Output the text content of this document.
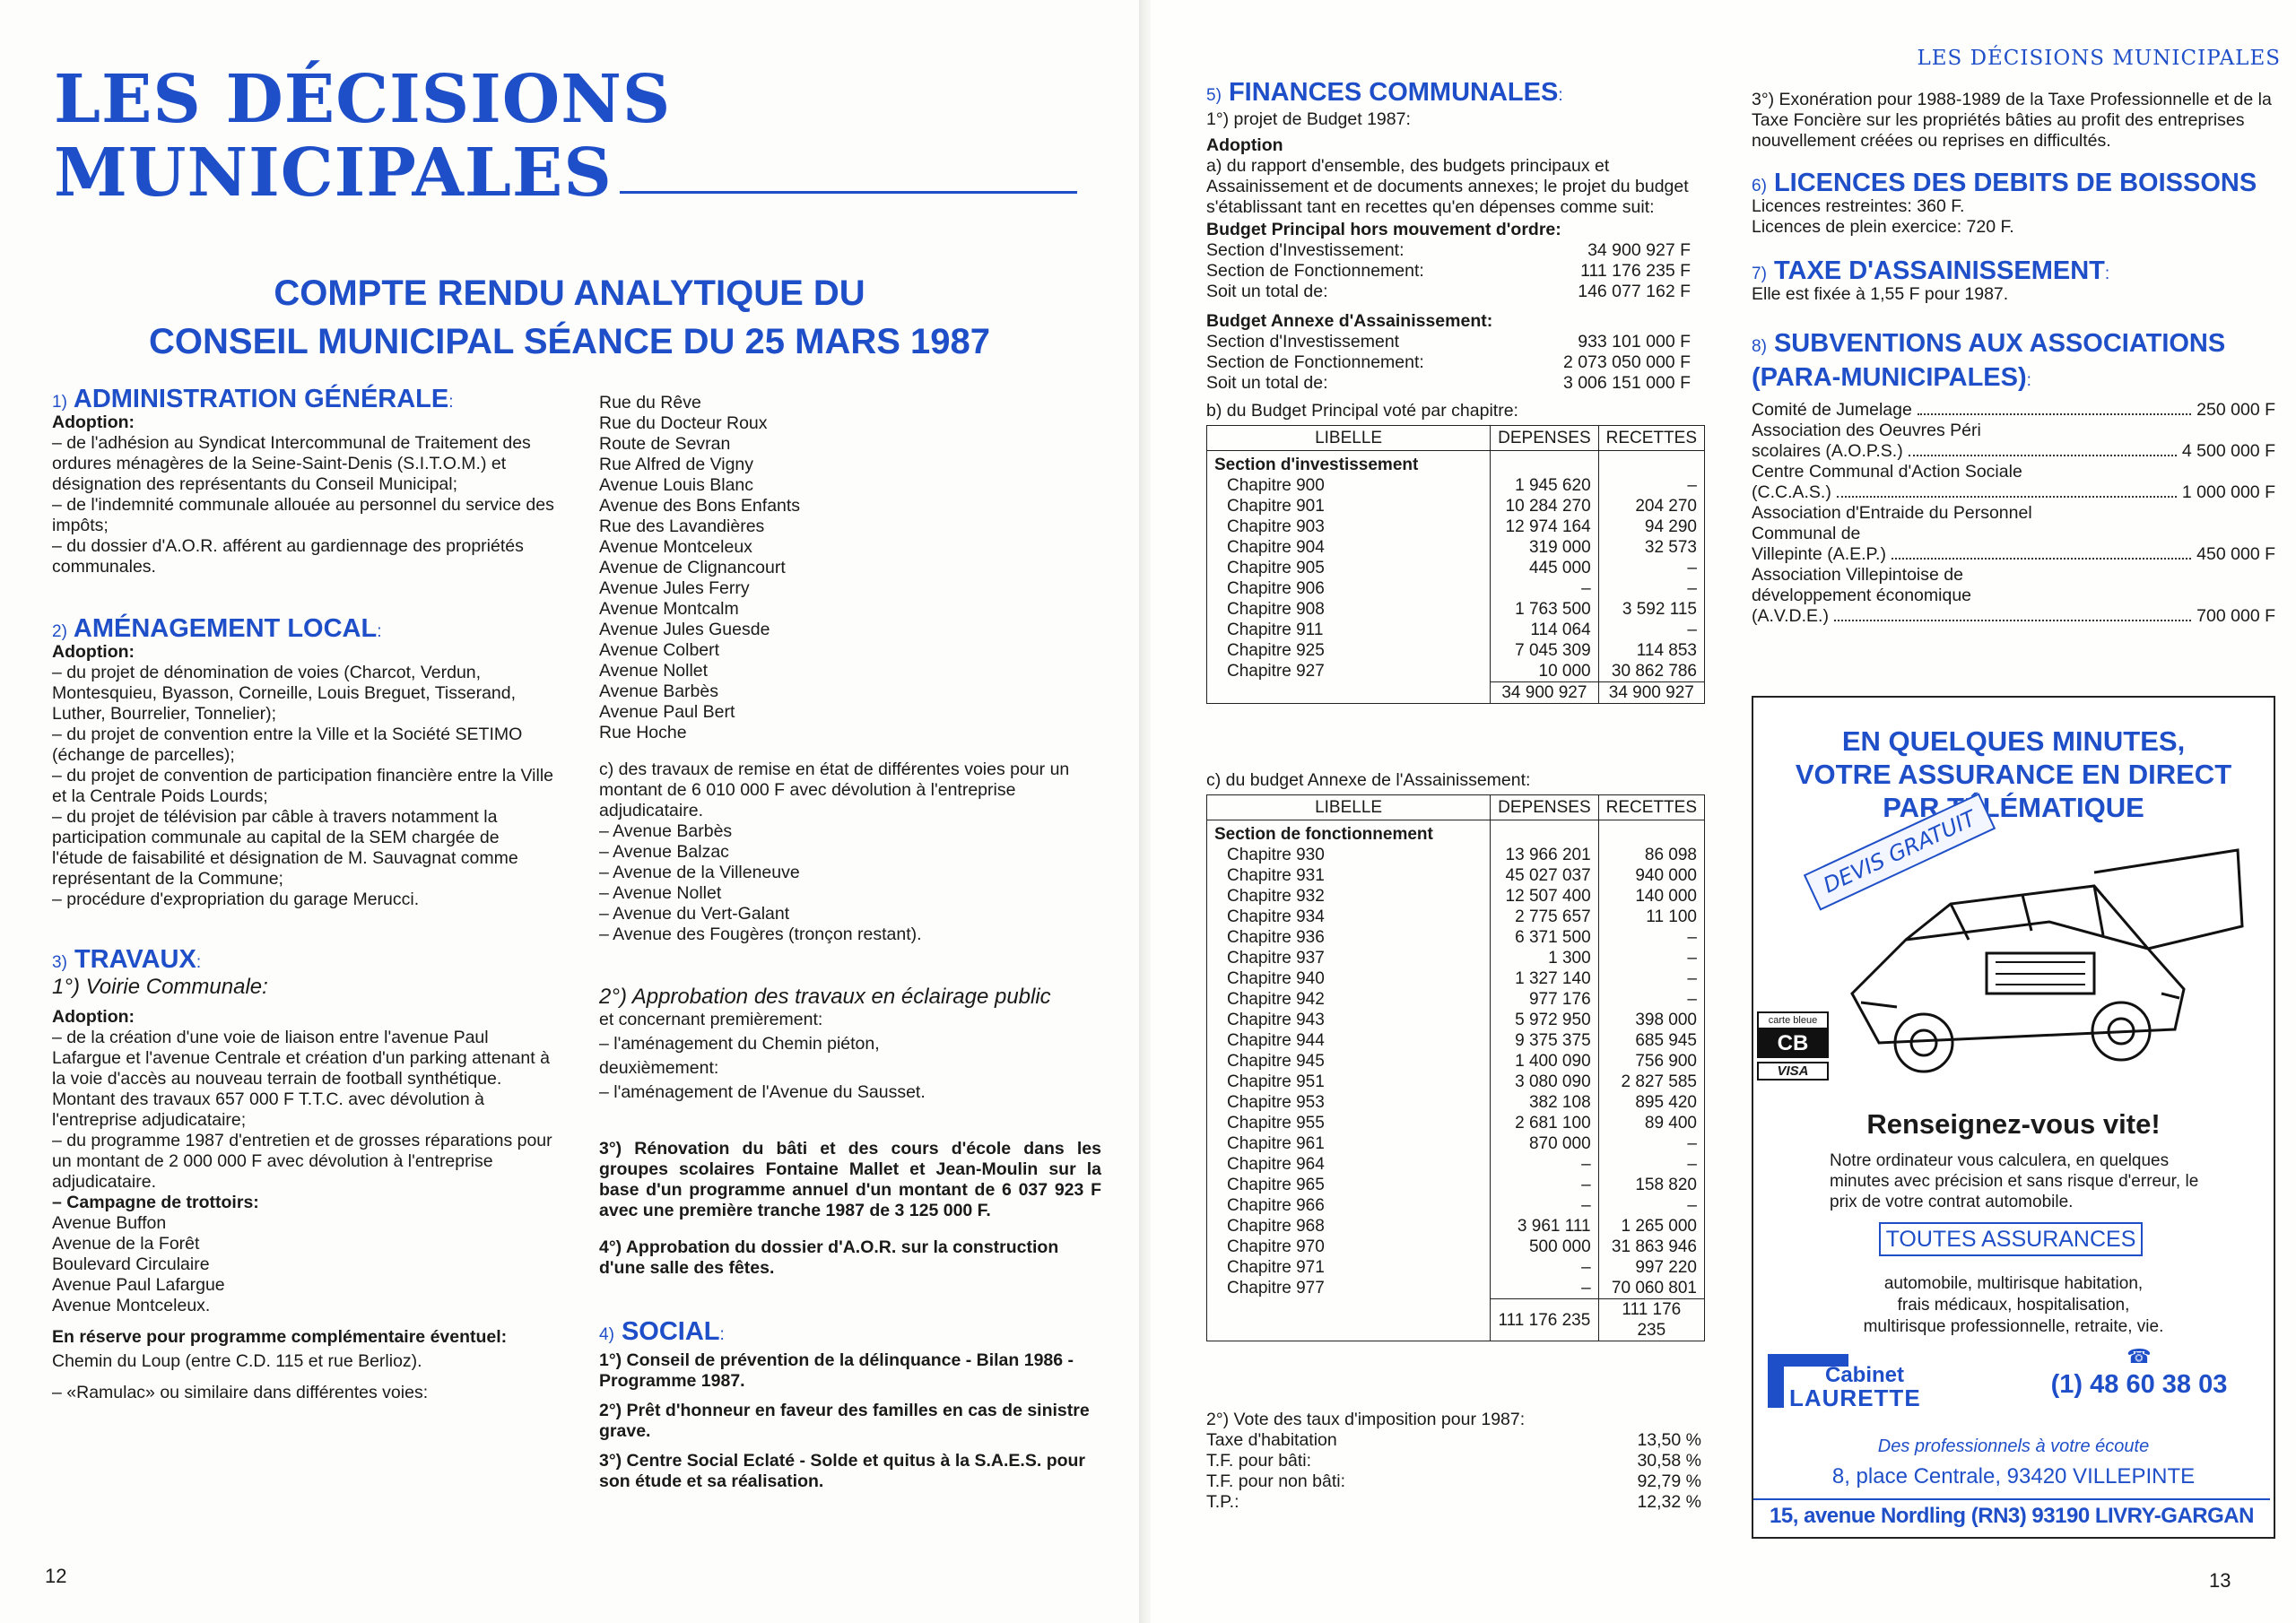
LES DÉCISIONS
MUNICIPALES
COMPTE RENDU ANALYTIQUE DU
CONSEIL MUNICIPAL SÉANCE DU 25 MARS 1987
1) ADMINISTRATION GÉNÉRALE:

Adoption:

– de l'adhésion au Syndicat Intercommunal de Traitement des ordures ménagères de la Seine-Saint-Denis (S.I.T.O.M.) et désignation des représentants du Conseil Municipal;

– de l'indemnité communale allouée au personnel du service des impôts;

– du dossier d'A.O.R. afférent au gardiennage des propriétés communales.

2) AMÉNAGEMENT LOCAL:

Adoption:

– du projet de dénomination de voies (Charcot, Verdun, Montesquieu, Byasson, Corneille, Louis Breguet, Tisserand, Luther, Bourrelier, Tonnelier);

– du projet de convention entre la Ville et la Société SETIMO (échange de parcelles);

– du projet de convention de participation financière entre la Ville et la Centrale Poids Lourds;

– du projet de télévision par câble à travers notamment la participation communale au capital de la SEM chargée de l'étude de faisabilité et désignation de M. Sauvagnat comme représentant de la Commune;

– procédure d'expropriation du garage Merucci.

3) TRAVAUX:

1°) Voirie Communale:

Adoption:

– de la création d'une voie de liaison entre l'avenue Paul Lafargue et l'avenue Centrale et création d'un parking attenant à la voie d'accès au nouveau terrain de football synthétique. Montant des travaux 657 000 F T.T.C. avec dévolution à l'entreprise adjudicataire;

– du programme 1987 d'entretien et de grosses réparations pour un montant de 2 000 000 F avec dévolution à l'entreprise adjudicataire.

– Campagne de trottoirs:

Avenue Buffon

Avenue de la Forêt

Boulevard Circulaire

Avenue Paul Lafargue

Avenue Montceleux.

En réserve pour programme complémentaire éventuel:

Chemin du Loup (entre C.D. 115 et rue Berlioz).

– «Ramulac» ou similaire dans différentes voies:

Rue du Rêve

Rue du Docteur Roux

Route de Sevran

Rue Alfred de Vigny

Avenue Louis Blanc

Avenue des Bons Enfants

Rue des Lavandières

Avenue Montceleux

Avenue de Clignancourt

Avenue Jules Ferry

Avenue Montcalm

Avenue Jules Guesde

Avenue Colbert

Avenue Nollet

Avenue Barbès

Avenue Paul Bert

Rue Hoche

c) des travaux de remise en état de différentes voies pour un montant de 6 010 000 F avec dévolution à l'entreprise adjudicataire.

– Avenue Barbès

– Avenue Balzac

– Avenue de la Villeneuve

– Avenue Nollet

– Avenue du Vert-Galant

– Avenue des Fougères (tronçon restant).

2°) Approbation des travaux en éclairage public

et concernant premièrement:

– l'aménagement du Chemin piéton,

deuxièmement:

– l'aménagement de l'Avenue du Sausset.

3°) Rénovation du bâti et des cours d'école dans les groupes scolaires Fontaine Mallet et Jean-Moulin sur la base d'un programme annuel d'un montant de 6 037 923 F avec une première tranche 1987 de 3 125 000 F.

4°) Approbation du dossier d'A.O.R. sur la construction d'une salle des fêtes.

4) SOCIAL:

1°) Conseil de prévention de la délinquance - Bilan 1986 - Programme 1987.

2°) Prêt d'honneur en faveur des familles en cas de sinistre grave.

3°) Centre Social Eclaté - Solde et quitus à la S.A.E.S. pour son étude et sa réalisation.

12
LES DÉCISIONS MUNICIPALES
5) FINANCES COMMUNALES:

1°) projet de Budget 1987:

Adoption

a) du rapport d'ensemble, des budgets principaux et Assainissement et de documents annexes; le projet du budget s'établissant tant en recettes qu'en dépenses comme suit:

Budget Principal hors mouvement d'ordre:

Section d'Investissement:	34 900 927 F
Section de Fonctionnement:	111 176 235 F
Soit un total de:	146 077 162 F

Budget Annexe d'Assainissement:

Section d'Investissement	933 101 000 F
Section de Fonctionnement:	2 073 050 000 F
Soit un total de:	3 006 151 000 F

b) du Budget Principal voté par chapitre:

LIBELLE	DEPENSES	RECETTES
Section d'investissement		
Chapitre 900	1 945 620	–
Chapitre 901	10 284 270	204 270
Chapitre 903	12 974 164	94 290
Chapitre 904	319 000	32 573
Chapitre 905	445 000	–
Chapitre 906	–	–
Chapitre 908	1 763 500	3 592 115
Chapitre 911	114 064	–
Chapitre 925	7 045 309	114 853
Chapitre 927	10 000	30 862 786
	34 900 927	34 900 927

c) du budget Annexe de l'Assainissement:

LIBELLE	DEPENSES	RECETTES
Section de fonctionnement		
Chapitre 930	13 966 201	86 098
Chapitre 931	45 027 037	940 000
Chapitre 932	12 507 400	140 000
Chapitre 934	2 775 657	11 100
Chapitre 936	6 371 500	–
Chapitre 937	1 300	–
Chapitre 940	1 327 140	–
Chapitre 942	977 176	–
Chapitre 943	5 972 950	398 000
Chapitre 944	9 375 375	685 945
Chapitre 945	1 400 090	756 900
Chapitre 951	3 080 090	2 827 585
Chapitre 953	382 108	895 420
Chapitre 955	2 681 100	89 400
Chapitre 961	870 000	–
Chapitre 964	–	–
Chapitre 965	–	158 820
Chapitre 966	–	–
Chapitre 968	3 961 111	1 265 000
Chapitre 970	500 000	31 863 946
Chapitre 971	–	997 220
Chapitre 977	–	70 060 801
	111 176 235	111 176 235

2°) Vote des taux d'imposition pour 1987:

Taxe d'habitation	13,50 %
T.F. pour bâti:	30,58 %
T.F. pour non bâti:	92,79 %
T.P.:	12,32 %

3°) Exonération pour 1988-1989 de la Taxe Professionnelle et de la Taxe Foncière sur les propriétés bâties au profit des entreprises nouvellement créées ou reprises en difficultés.

6) LICENCES DES DEBITS DE BOISSONS

Licences restreintes: 360 F.

Licences de plein exercice: 720 F.

7) TAXE D'ASSAINISSEMENT:

Elle est fixée à 1,55 F pour 1987.

8) SUBVENTIONS AUX ASSOCIATIONS
(PARA-MUNICIPALES):
Comité de Jumelage	250 000 F

Association des Oeuvres Péri

scolaires (A.O.P.S.)	4 500 000 F

Centre Communal d'Action Sociale

(C.C.A.S.)	1 000 000 F

Association d'Entraide du Personnel Communal de

Villepinte (A.E.P.)	450 000 F

Association Villepintoise de développement économique

(A.V.D.E.)	700 000 F
EN QUELQUES MINUTES,
VOTRE ASSURANCE EN DIRECT
PAR TÉLÉMATIQUE
DEVIS GRATUIT
carte bleue
CB
VISA
Renseignez-vous vite!
Notre ordinateur vous calculera, en quelques minutes avec précision et sans risque d'erreur, le prix de votre contrat automobile.
TOUTES ASSURANCES
automobile, multirisque habitation,
frais médicaux, hospitalisation,
multirisque professionnelle, retraite, vie.
Cabinet
LAURETTE
☎
(1) 48 60 38 03
Des professionnels à votre écoute
8, place Centrale, 93420 VILLEPINTE
15, avenue Nordling (RN3) 93190 LIVRY-GARGAN
13
